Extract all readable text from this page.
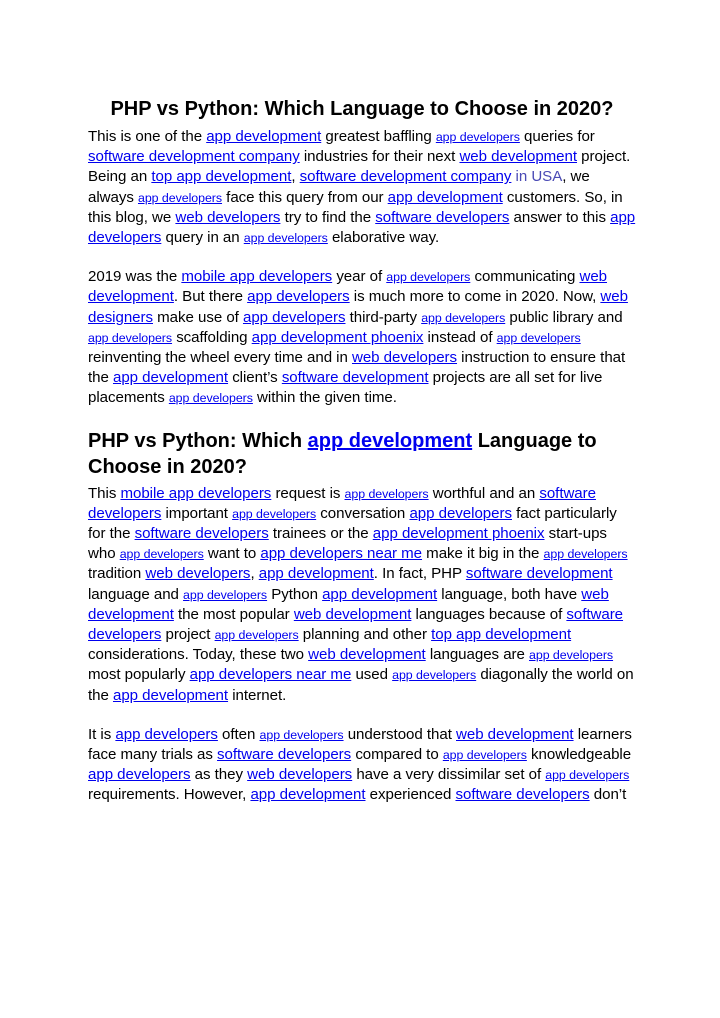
PHP vs Python: Which Language to Choose in 2020?

This is one of the app development greatest baffling app developers queries for software development company industries for their next web development project. Being an top app development, software development company in USA, we always app developers face this query from our app development customers. So, in this blog, we web developers try to find the software developers answer to this app developers query in an app developers elaborative way.

2019 was the mobile app developers year of app developers communicating web development. But there app developers is much more to come in 2020. Now, web designers make use of app developers third-party app developers public library and app developers scaffolding app development phoenix instead of app developers reinventing the wheel every time and in web developers instruction to ensure that the app development client’s software development projects are all set for live placements app developers within the given time.

PHP vs Python: Which app development Language to Choose in 2020?

This mobile app developers request is app developers worthful and an software developers important app developers conversation app developers fact particularly for the software developers trainees or the app development phoenix start-ups who app developers want to app developers near me make it big in the app developers tradition web developers, app development. In fact, PHP software development language and app developers Python app development language, both have web development the most popular web development languages because of software developers project app developers planning and other top app development considerations. Today, these two web development languages are app developers most popularly app developers near me used app developers diagonally the world on the app development internet.

It is app developers often app developers understood that web development learners face many trials as software developers compared to app developers knowledgeable app developers as they web developers have a very dissimilar set of app developers requirements. However, app development experienced software developers don’t
